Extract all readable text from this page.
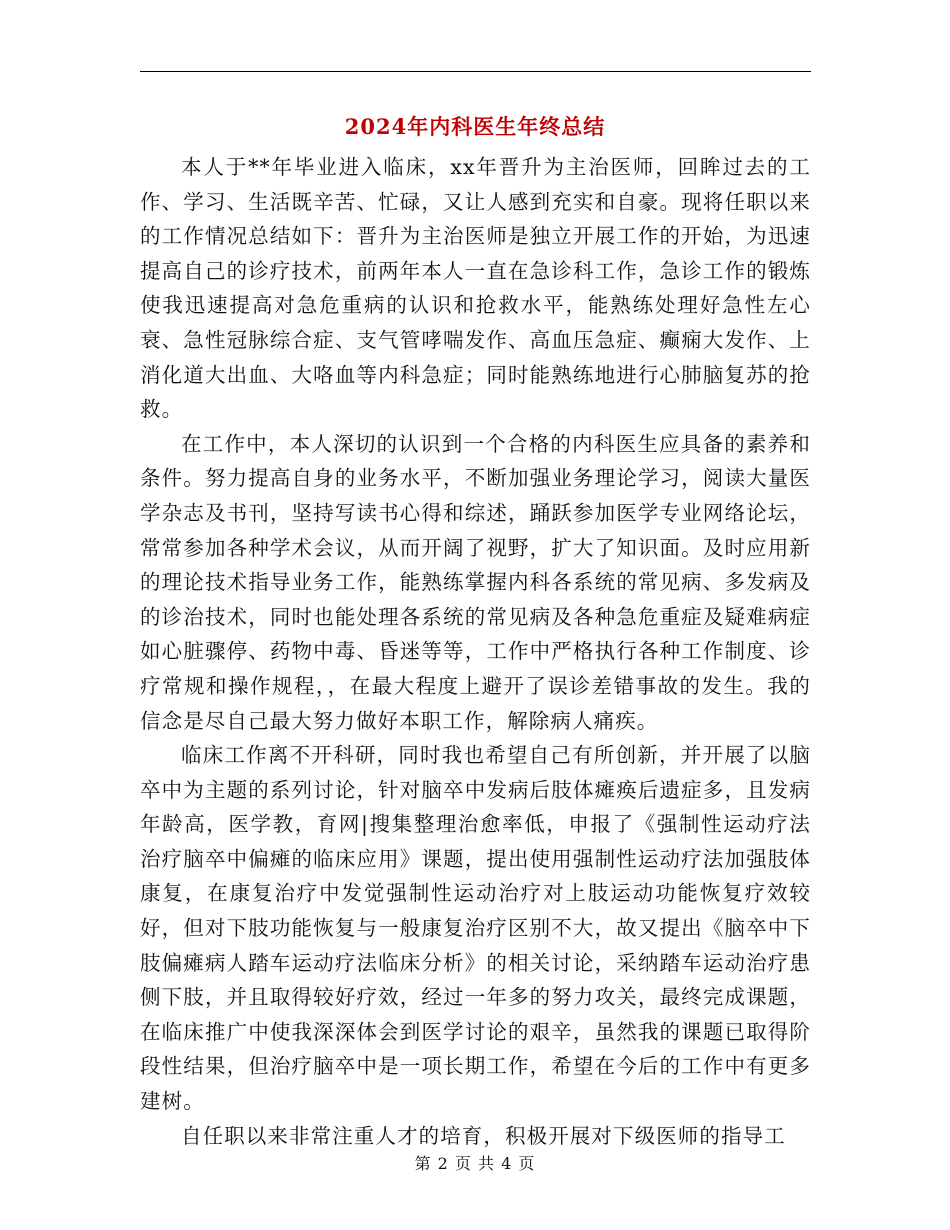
2024年内科医生年终总结

本人于**年毕业进入临床，xx年晋升为主治医师，回眸过去的工作、学习、生活既辛苦、忙碌，又让人感到充实和自豪。现将任职以来的工作情况总结如下：晋升为主治医师是独立开展工作的开始，为迅速提高自己的诊疗技术，前两年本人一直在急诊科工作，急诊工作的锻炼使我迅速提高对急危重病的认识和抢救水平，能熟练处理好急性左心衰、急性冠脉综合症、支气管哮喘发作、高血压急症、癫痫大发作、上消化道大出血、大咯血等内科急症；同时能熟练地进行心肺脑复苏的抢救。

在工作中，本人深切的认识到一个合格的内科医生应具备的素养和条件。努力提高自身的业务水平，不断加强业务理论学习，阅读大量医学杂志及书刊，坚持写读书心得和综述，踊跃参加医学专业网络论坛，常常参加各种学术会议，从而开阔了视野，扩大了知识面。及时应用新的理论技术指导业务工作，能熟练掌握内科各系统的常见病、多发病及的诊治技术，同时也能处理各系统的常见病及各种急危重症及疑难病症如心脏骤停、药物中毒、昏迷等等，工作中严格执行各种工作制度、诊疗常规和操作规程，，在最大程度上避开了误诊差错事故的发生。我的信念是尽自己最大努力做好本职工作，解除病人痛疾。

临床工作离不开科研，同时我也希望自己有所创新，并开展了以脑卒中为主题的系列讨论，针对脑卒中发病后肢体瘫痪后遗症多，且发病年龄高，医学教，育网|搜集整理治愈率低，申报了《强制性运动疗法治疗脑卒中偏瘫的临床应用》课题，提出使用强制性运动疗法加强肢体康复，在康复治疗中发觉强制性运动治疗对上肢运动功能恢复疗效较好，但对下肢功能恢复与一般康复治疗区别不大，故又提出《脑卒中下肢偏瘫病人踏车运动疗法临床分析》的相关讨论，采纳踏车运动治疗患侧下肢，并且取得较好疗效，经过一年多的努力攻关，最终完成课题，在临床推广中使我深深体会到医学讨论的艰辛，虽然我的课题已取得阶段性结果，但治疗脑卒中是一项长期工作，希望在今后的工作中有更多建树。

自任职以来非常注重人才的培育，积极开展对下级医师的指导工

第 2 页 共 4 页
